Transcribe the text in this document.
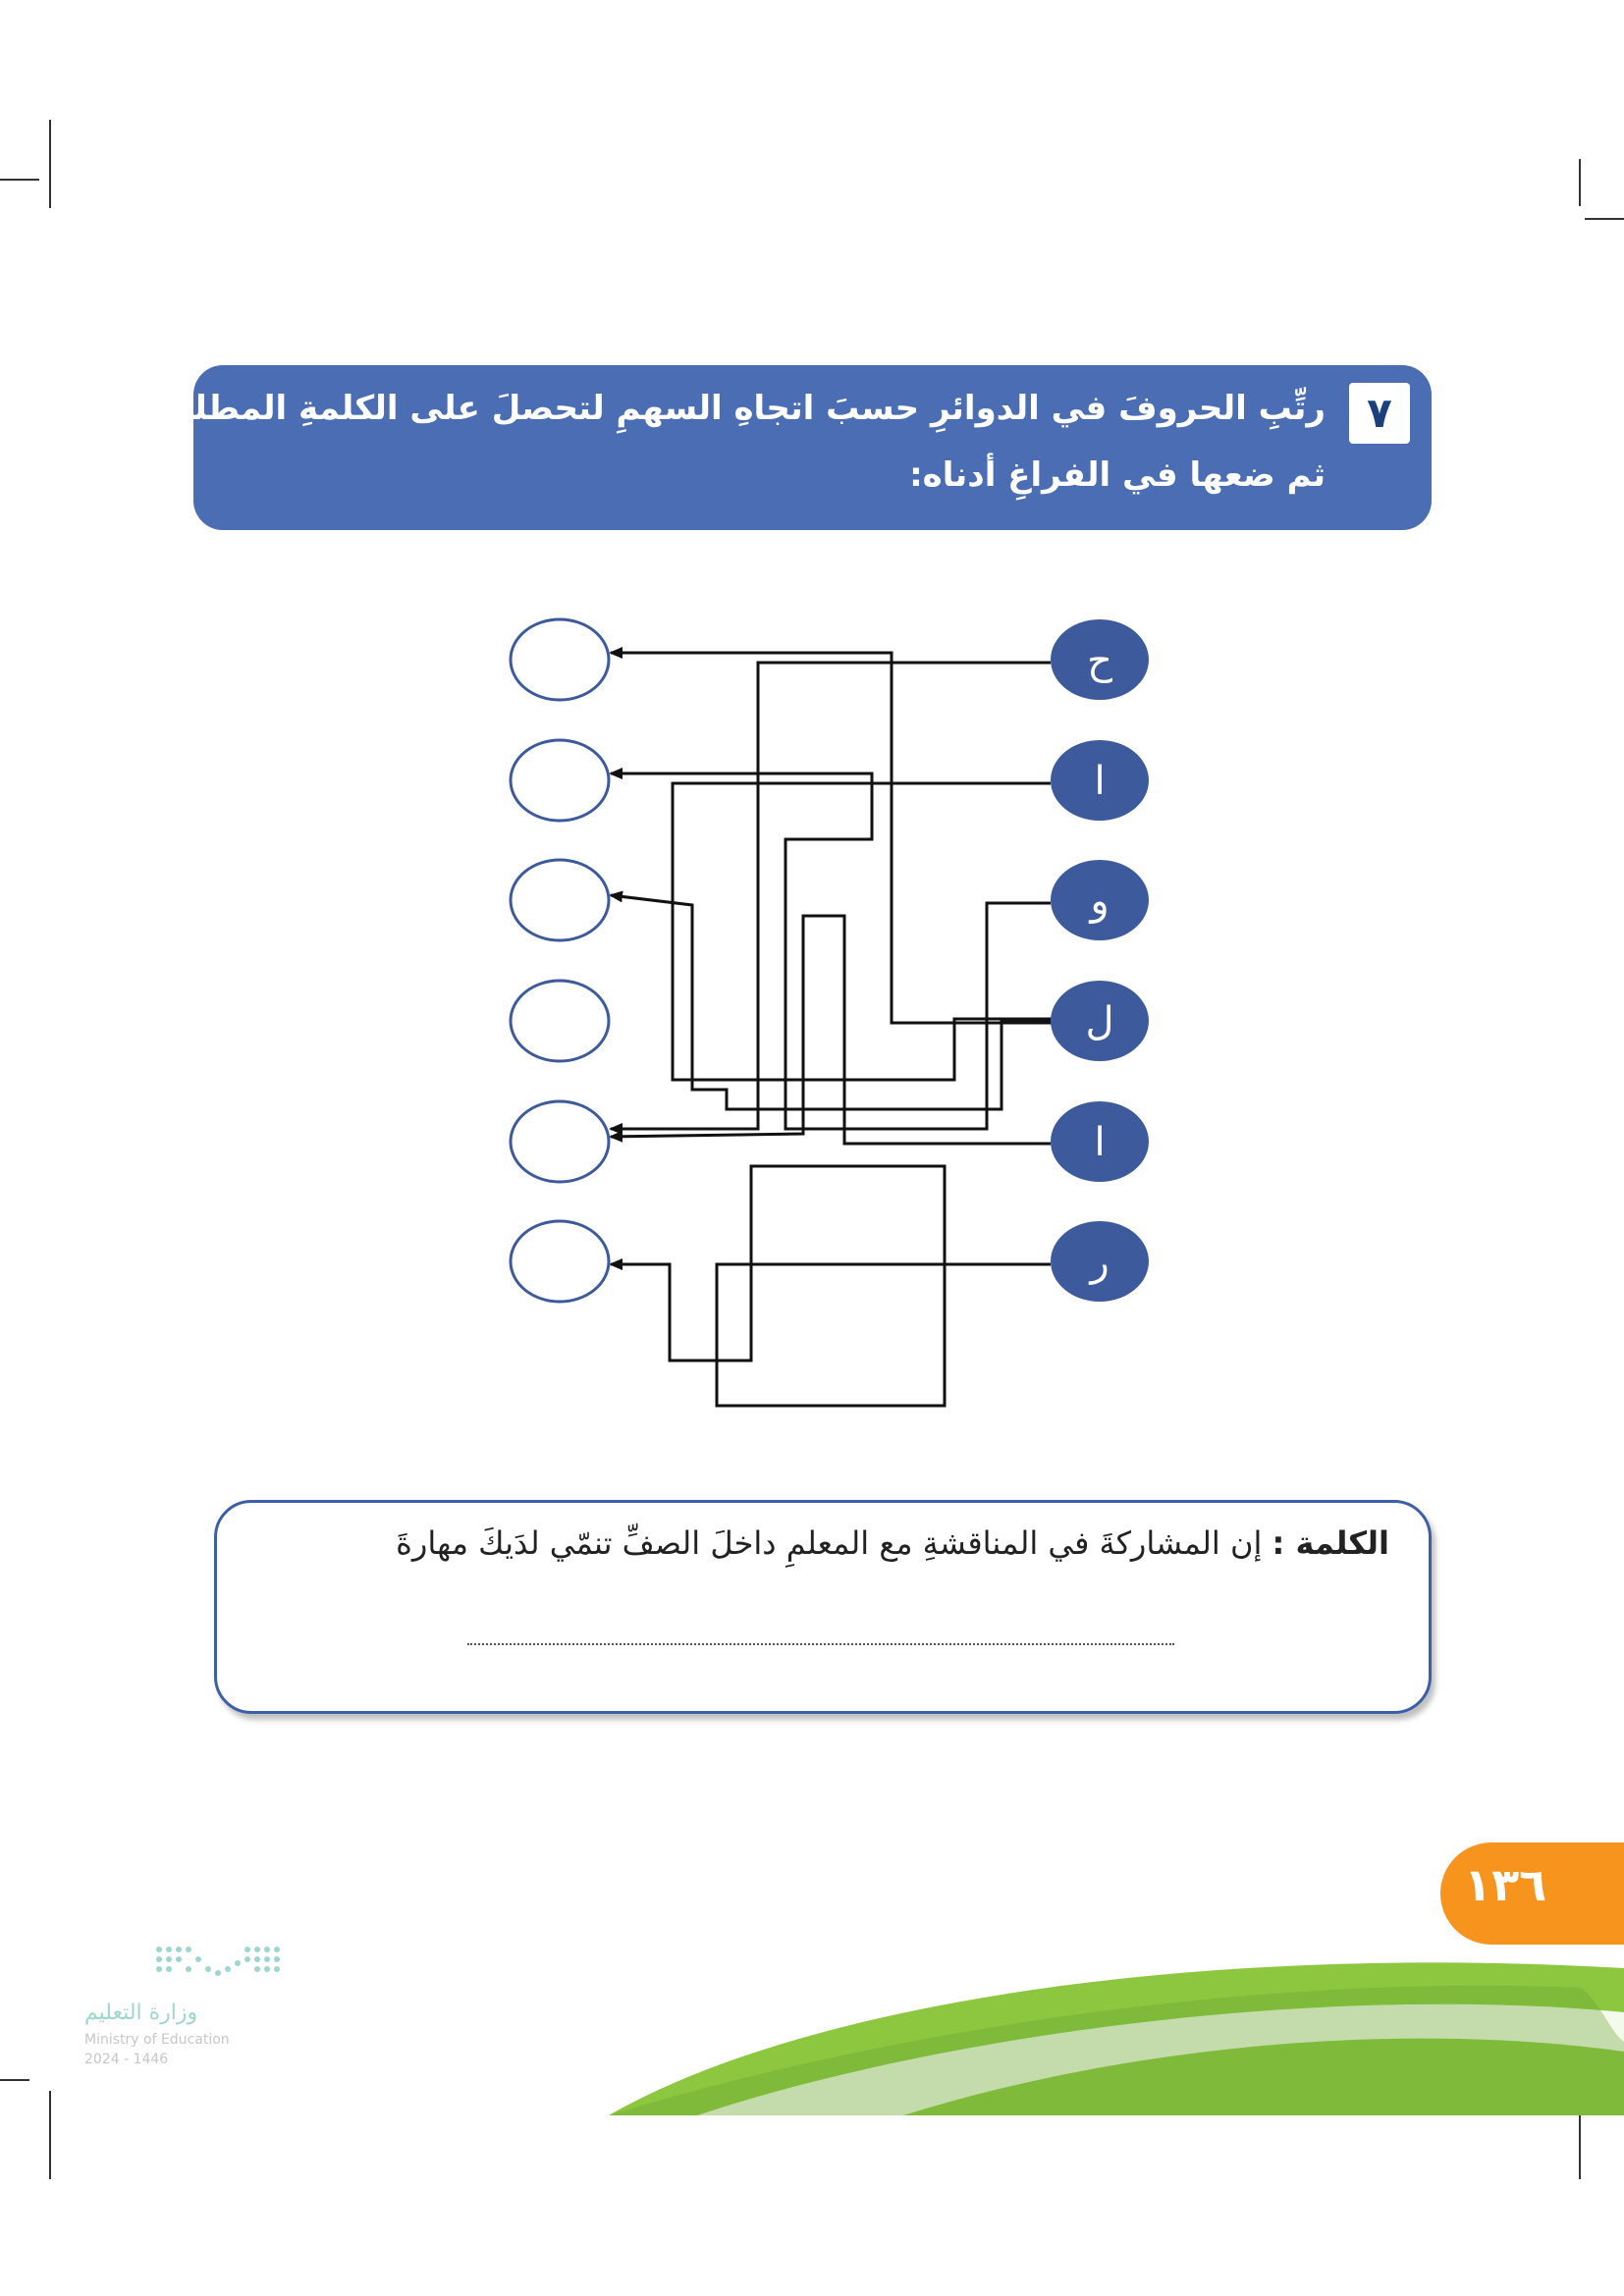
٧
رتِّبِ الحروفَ في الدوائرِ حسبَ اتجاهِ السهمِ لتحصلَ على الكلمةِ المطلوبةِ،
ثم ضعها في الفراغِ أدناه:
ح
ا
و
ل
ا
ر
الكلمة : إن المشاركةَ في المناقشةِ مع المعلمِ داخلَ الصفِّ تنمّي لدَيكَ مهارةَ
١٣٦
وزارة التعليم
Ministry of Education
2024 - 1446
